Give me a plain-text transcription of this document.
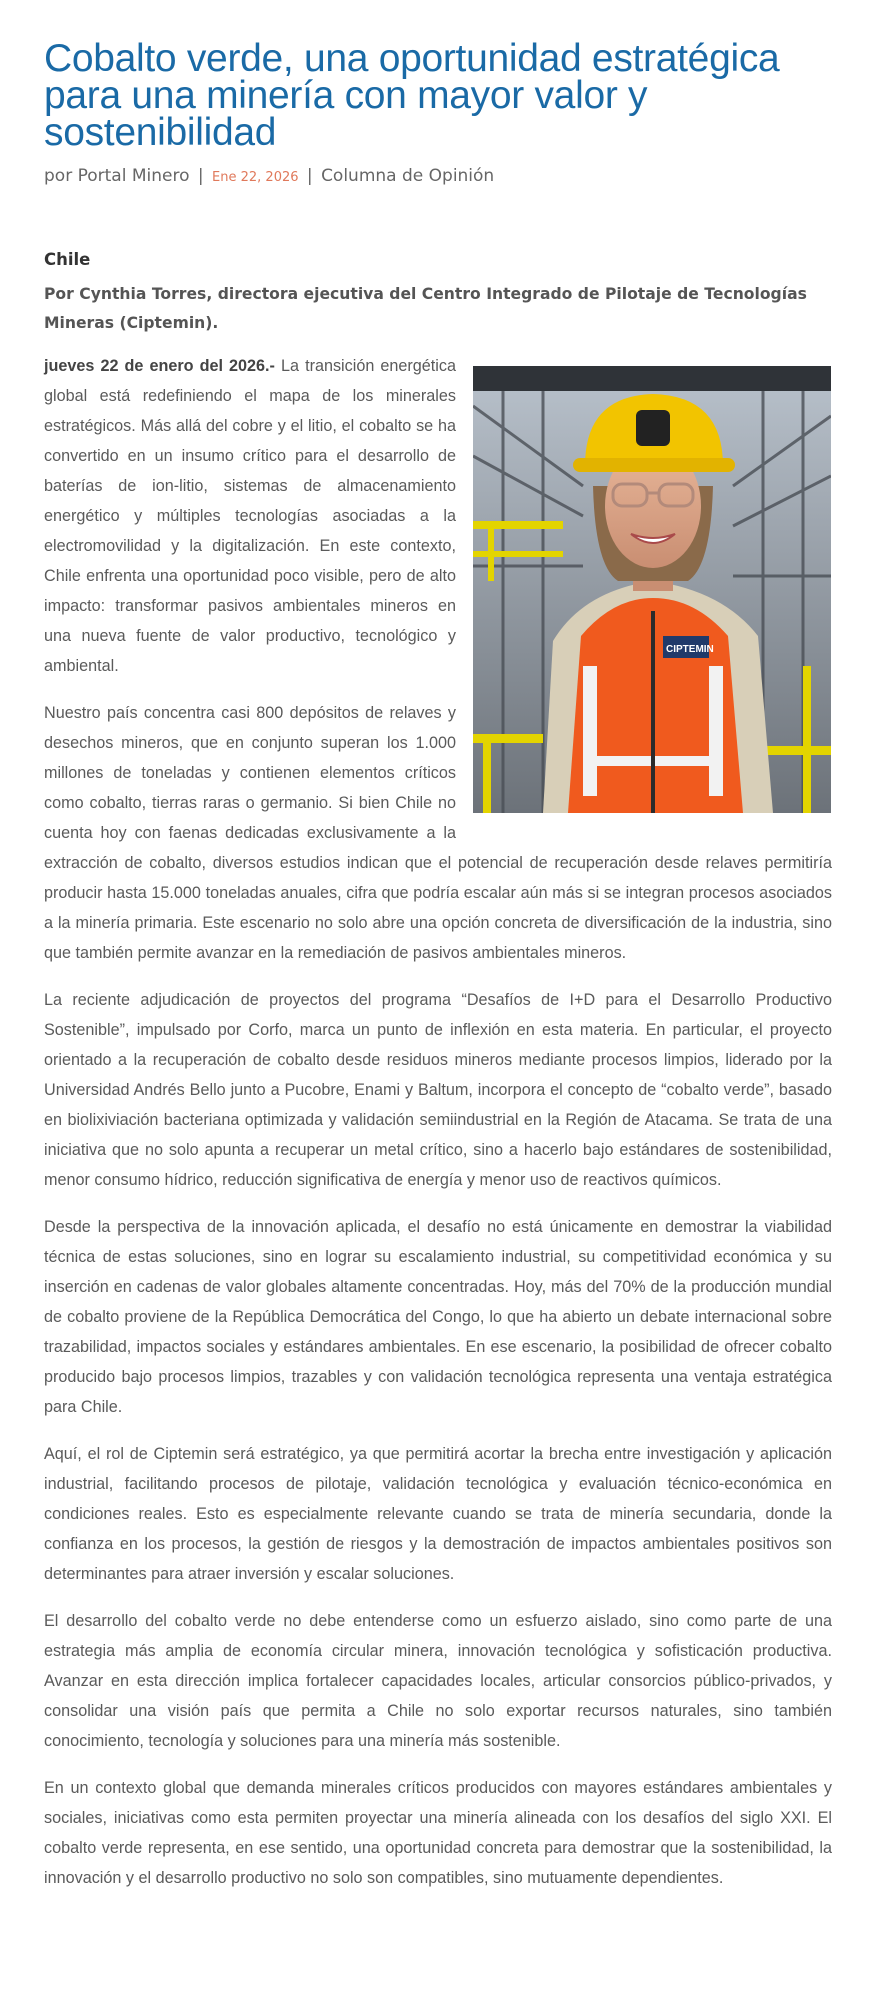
Cobalto verde, una oportunidad estratégica para una minería con mayor valor y sostenibilidad
por Portal Minero | Ene 22, 2026 | Columna de Opinión
Chile
Por Cynthia Torres, directora ejecutiva del Centro Integrado de Pilotaje de Tecnologías Mineras (Ciptemin).
CIPTEMIN

jueves 22 de enero del 2026.- La transición energética global está redefiniendo el mapa de los minerales estratégicos. Más allá del cobre y el litio, el cobalto se ha convertido en un insumo crítico para el desarrollo de baterías de ion-litio, sistemas de almacenamiento energético y múltiples tecnologías asociadas a la electromovilidad y la digitalización. En este contexto, Chile enfrenta una oportunidad poco visible, pero de alto impacto: transformar pasivos ambientales mineros en una nueva fuente de valor productivo, tecnológico y ambiental.

Nuestro país concentra casi 800 depósitos de relaves y desechos mineros, que en conjunto superan los 1.000 millones de toneladas y contienen elementos críticos como cobalto, tierras raras o germanio. Si bien Chile no cuenta hoy con faenas dedicadas exclusivamente a la extracción de cobalto, diversos estudios indican que el potencial de recuperación desde relaves permitiría producir hasta 15.000 toneladas anuales, cifra que podría escalar aún más si se integran procesos asociados a la minería primaria. Este escenario no solo abre una opción concreta de diversificación de la industria, sino que también permite avanzar en la remediación de pasivos ambientales mineros.

La reciente adjudicación de proyectos del programa “Desafíos de I+D para el Desarrollo Productivo Sostenible”, impulsado por Corfo, marca un punto de inflexión en esta materia. En particular, el proyecto orientado a la recuperación de cobalto desde residuos mineros mediante procesos limpios, liderado por la Universidad Andrés Bello junto a Pucobre, Enami y Baltum, incorpora el concepto de “cobalto verde”, basado en biolixiviación bacteriana optimizada y validación semiindustrial en la Región de Atacama. Se trata de una iniciativa que no solo apunta a recuperar un metal crítico, sino a hacerlo bajo estándares de sostenibilidad, menor consumo hídrico, reducción significativa de energía y menor uso de reactivos químicos.

Desde la perspectiva de la innovación aplicada, el desafío no está únicamente en demostrar la viabilidad técnica de estas soluciones, sino en lograr su escalamiento industrial, su competitividad económica y su inserción en cadenas de valor globales altamente concentradas. Hoy, más del 70% de la producción mundial de cobalto proviene de la República Democrática del Congo, lo que ha abierto un debate internacional sobre trazabilidad, impactos sociales y estándares ambientales. En ese escenario, la posibilidad de ofrecer cobalto producido bajo procesos limpios, trazables y con validación tecnológica representa una ventaja estratégica para Chile.

Aquí, el rol de Ciptemin será estratégico, ya que permitirá acortar la brecha entre investigación y aplicación industrial, facilitando procesos de pilotaje, validación tecnológica y evaluación técnico-económica en condiciones reales. Esto es especialmente relevante cuando se trata de minería secundaria, donde la confianza en los procesos, la gestión de riesgos y la demostración de impactos ambientales positivos son determinantes para atraer inversión y escalar soluciones.

El desarrollo del cobalto verde no debe entenderse como un esfuerzo aislado, sino como parte de una estrategia más amplia de economía circular minera, innovación tecnológica y sofisticación productiva. Avanzar en esta dirección implica fortalecer capacidades locales, articular consorcios público-privados, y consolidar una visión país que permita a Chile no solo exportar recursos naturales, sino también conocimiento, tecnología y soluciones para una minería más sostenible.

En un contexto global que demanda minerales críticos producidos con mayores estándares ambientales y sociales, iniciativas como esta permiten proyectar una minería alineada con los desafíos del siglo XXI. El cobalto verde representa, en ese sentido, una oportunidad concreta para demostrar que la sostenibilidad, la innovación y el desarrollo productivo no solo son compatibles, sino mutuamente dependientes.
